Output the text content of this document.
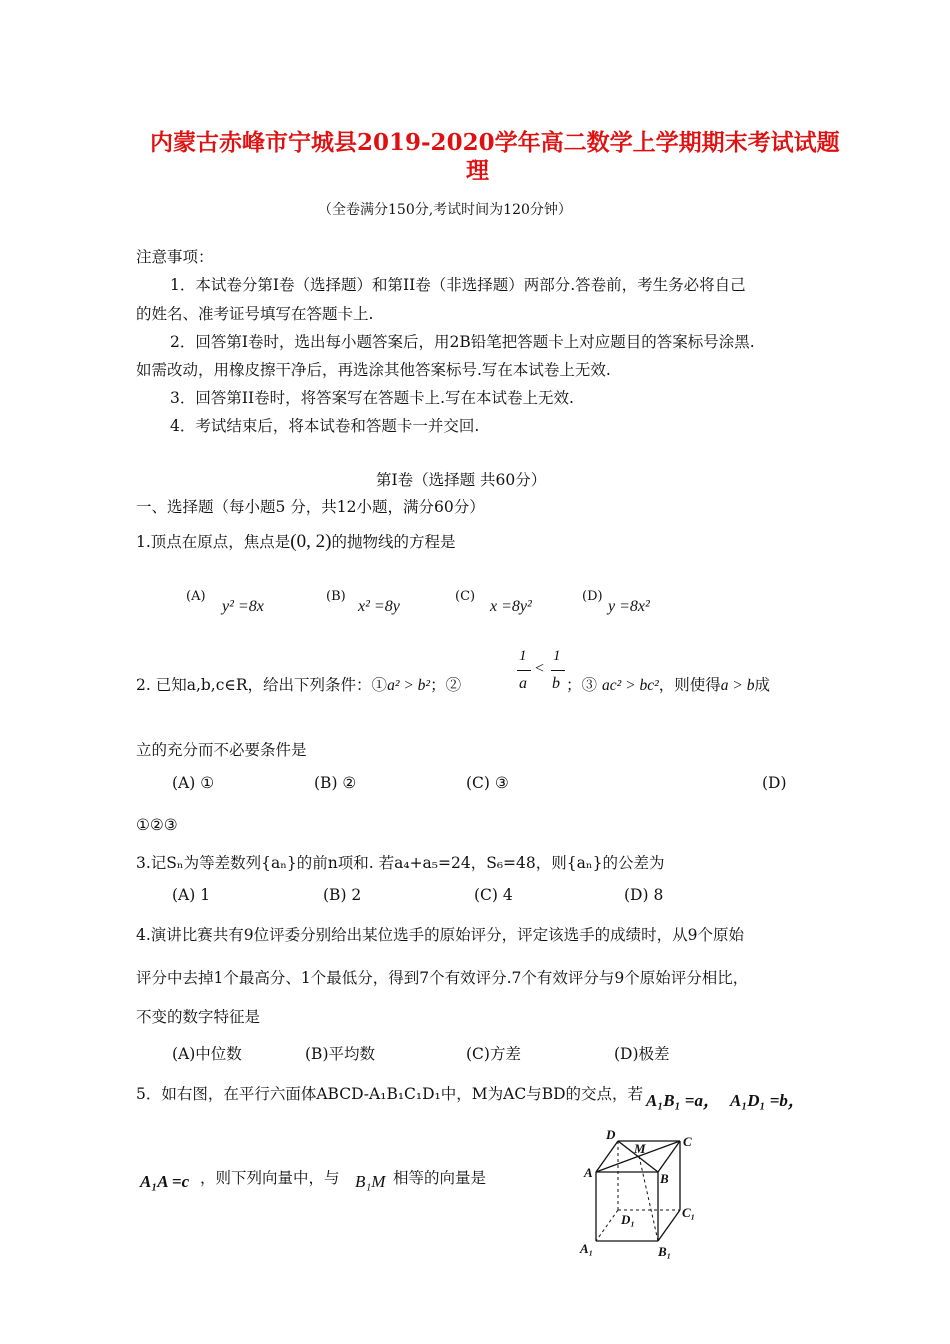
内蒙古赤峰市宁城县2019-2020学年高二数学上学期期末考试试题
理
（全卷满分150分,考试时间为120分钟）
注意事项：
1．本试卷分第Ⅰ卷（选择题）和第II卷（非选择题）两部分.答卷前，考生务必将自己
的姓名、准考证号填写在答题卡上.
2．回答第Ⅰ卷时，选出每小题答案后，用2B铅笔把答题卡上对应题目的答案标号涂黑.
如需改动，用橡皮擦干净后，再选涂其他答案标号.写在本试卷上无效.
3．回答第II卷时，将答案写在答题卡上.写在本试卷上无效.
4．考试结束后，将本试卷和答题卡一并交回.
第Ⅰ卷（选择题 共60分）
一、选择题（每小题5 分，共12小题，满分60分）
1.顶点在原点，焦点是(0, 2)的抛物线的方程是
(A)
y² =8x
(B)
x² =8y
(C)
x =8y²
(D)
y =8x²
2. 已知a,b,c∈R，给出下列条件：①a² > b²；②
1
a
<
1
b ；③ ac² > bc²，则使得a > b成
立的充分而不必要条件是
(A) ①	(B) ②	(C) ③	(D)
①②③
3.记Sₙ为等差数列{aₙ}的前n项和. 若a₄+a₅=24，S₆=48，则{aₙ}的公差为
(A) 1	(B) 2	(C) 4	(D) 8
4.演讲比赛共有9位评委分别给出某位选手的原始评分，评定该选手的成绩时，从9个原始
评分中去掉1个最高分、1个最低分，得到7个有效评分.7个有效评分与9个原始评分相比，
不变的数字特征是
(A)中位数	(B)平均数	(C)方差	(D)极差
5．如右图，在平行六面体ABCD-A₁B₁C₁D₁中，M为AC与BD的交点，若 A₁B₁ =a， A₁D₁ =b，
A₁A =c ，则下列向量中，与 B₁M 相等的向量是
D
M	C
A	B
D₁	C₁
A₁	B₁
